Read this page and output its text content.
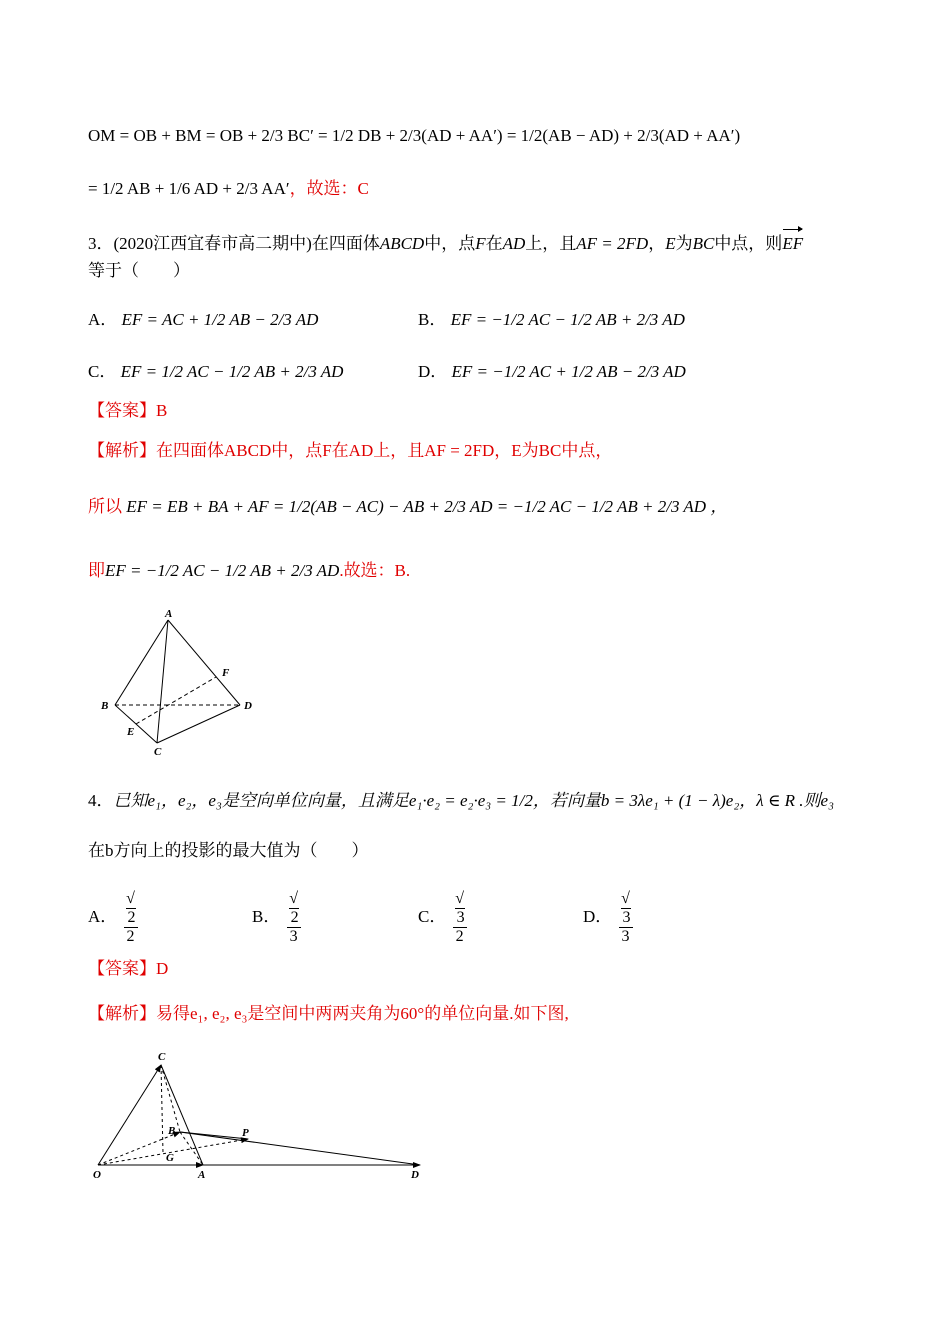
OM = OB + BM = OB + 2/3 BC′ = 1/2 DB + 2/3(AD + AA′) = 1/2(AB − AD) + 2/3(AD + AA′)
= 1/2 AB + 1/6 AD + 2/3 AA′，故选：C
3．(2020江西宜春市高二期中)在四面体ABCD中，点F在AD上，且AF = 2FD，E为BC中点，则EF
等于（　　）
A． EF = AC + 1/2 AB − 2/3 AD	B． EF = −1/2 AC − 1/2 AB + 2/3 AD
C． EF = 1/2 AC − 1/2 AB + 2/3 AD	D． EF = −1/2 AC + 1/2 AB − 2/3 AD
【答案】B
【解析】在四面体ABCD中，点F在AD上，且AF = 2FD，E为BC中点，
所以 EF = EB + BA + AF = 1/2(AB − AC) − AB + 2/3 AD = −1/2 AC − 1/2 AB + 2/3 AD ，
即EF = −1/2 AC − 1/2 AB + 2/3 AD.故选：B.
A
B
C
D
E
F
4．已知e₁，e₂，e₃是空向单位向量，且满足e₁·e₂ = e₂·e₃ = 1/2，若向量b = 3λe₁ + (1 − λ)e₂，λ ∈ R .则e₃
在b方向上的投影的最大值为（　　）
A． √
2
2	B． √
2
3	C． √
3
2	D． √
3
3
【答案】D
【解析】易得e₁, e₂, e₃是空间中两两夹角为60°的单位向量.如下图,
C
B	P
G
O	A	D
